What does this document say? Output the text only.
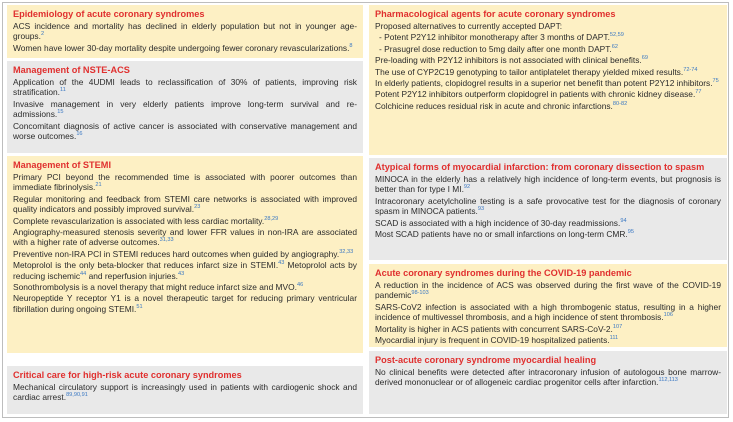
Epidemiology of acute coronary syndromes

ACS incidence and mortality has declined in elderly population but not in younger age-groups.$^2$

Women have lower 30-day mortality despite undergoing fewer coronary revascularizations.$^8$

Management of NSTE-ACS

Application of the 4UDMI leads to reclassification of 30% of patients, improving risk stratification.$^{11}$

Invasive management in very elderly patients improve long-term survival and re-admissions.$^{15}$

Concomitant diagnosis of active cancer is associated with conservative management and worse outcomes.$^{16}$

Management of STEMI

Primary PCI beyond the recommended time is associated with poorer outcomes than immediate fibrinolysis.$^{21}$

Regular monitoring and feedback from STEMI care networks is associated with improved quality indicators and possibly improved survival.$^{23}$

Complete revascularization is associated with less cardiac mortality.$^{28,29}$

Angiography-measured stenosis severity and lower FFR values in non-IRA are associated with a higher rate of adverse outcomes.$^{31,33}$

Preventive non-IRA PCI in STEMI reduces hard outcomes when guided by angiography.$^{32,33}$

Metoprolol is the only beta-blocker that reduces infarct size in STEMI.$^{43}$ Metoprolol acts by reducing ischemic$^{44}$ and reperfusion injuries.$^{43}$

Sonothrombolysis is a novel therapy that might reduce infarct size and MVO.$^{46}$

Neuropeptide Y receptor Y1 is a novel therapeutic target for reducing primary ventricular fibrillation during ongoing STEMI.$^{51}$

Critical care for high-risk acute coronary syndromes

Mechanical circulatory support is increasingly used in patients with cardiogenic shock and cardiac arrest.$^{89,90,91}$

Pharmacological agents for acute coronary syndromes

Proposed alternatives to currently accepted DAPT:

- Potent P2Y12 inhibitor monotherapy after 3 months of DAPT.$^{52,59}$

- Prasugrel dose reduction to 5mg daily after one month DAPT.$^{62}$

Pre-loading with P2Y12 inhibitors is not associated with clinical benefits.$^{69}$

The use of CYP2C19 genotyping to tailor antiplatelet therapy yielded mixed results.$^{72-74}$

In elderly patients, clopidogrel results in a superior net benefit than potent P2Y12 inhibitors.$^{75}$

Potent P2Y12 inhibitors outperform clopidogrel in patients with chronic kidney disease.$^{77}$

Colchicine reduces residual risk in acute and chronic infarctions.$^{80-82}$

Atypical forms of myocardial infarction: from coronary dissection to spasm

MINOCA in the elderly has a relatively high incidence of long-term events, but prognosis is better than for type I MI.$^{92}$

Intracoronary acetylcholine testing is a safe provocative test for the diagnosis of coronary spasm in MINOCA patients.$^{93}$

SCAD is associated with a high incidence of 30-day readmissions.$^{94}$

Most SCAD patients have no or small infarctions on long-term CMR.$^{95}$

Acute coronary syndromes during the COVID-19 pandemic

A reduction in the incidence of ACS was observed during the first wave of the COVID-19 pandemic$^{98-103}$

SARS-CoV2 infection is associated with a high thrombogenic status, resulting in a higher incidence of multivessel thrombosis, and a high incidence of stent thrombosis.$^{106}$

Mortality is higher in ACS patients with concurrent SARS-CoV-2.$^{107}$

Myocardial injury is frequent in COVID-19 hospitalized patients.$^{111}$

Post-acute coronary syndrome myocardial healing

No clinical benefits were detected after intracoronary infusion of autologous bone marrow-derived mononuclear or of allogeneic cardiac progenitor cells after infarction.$^{112,113}$
